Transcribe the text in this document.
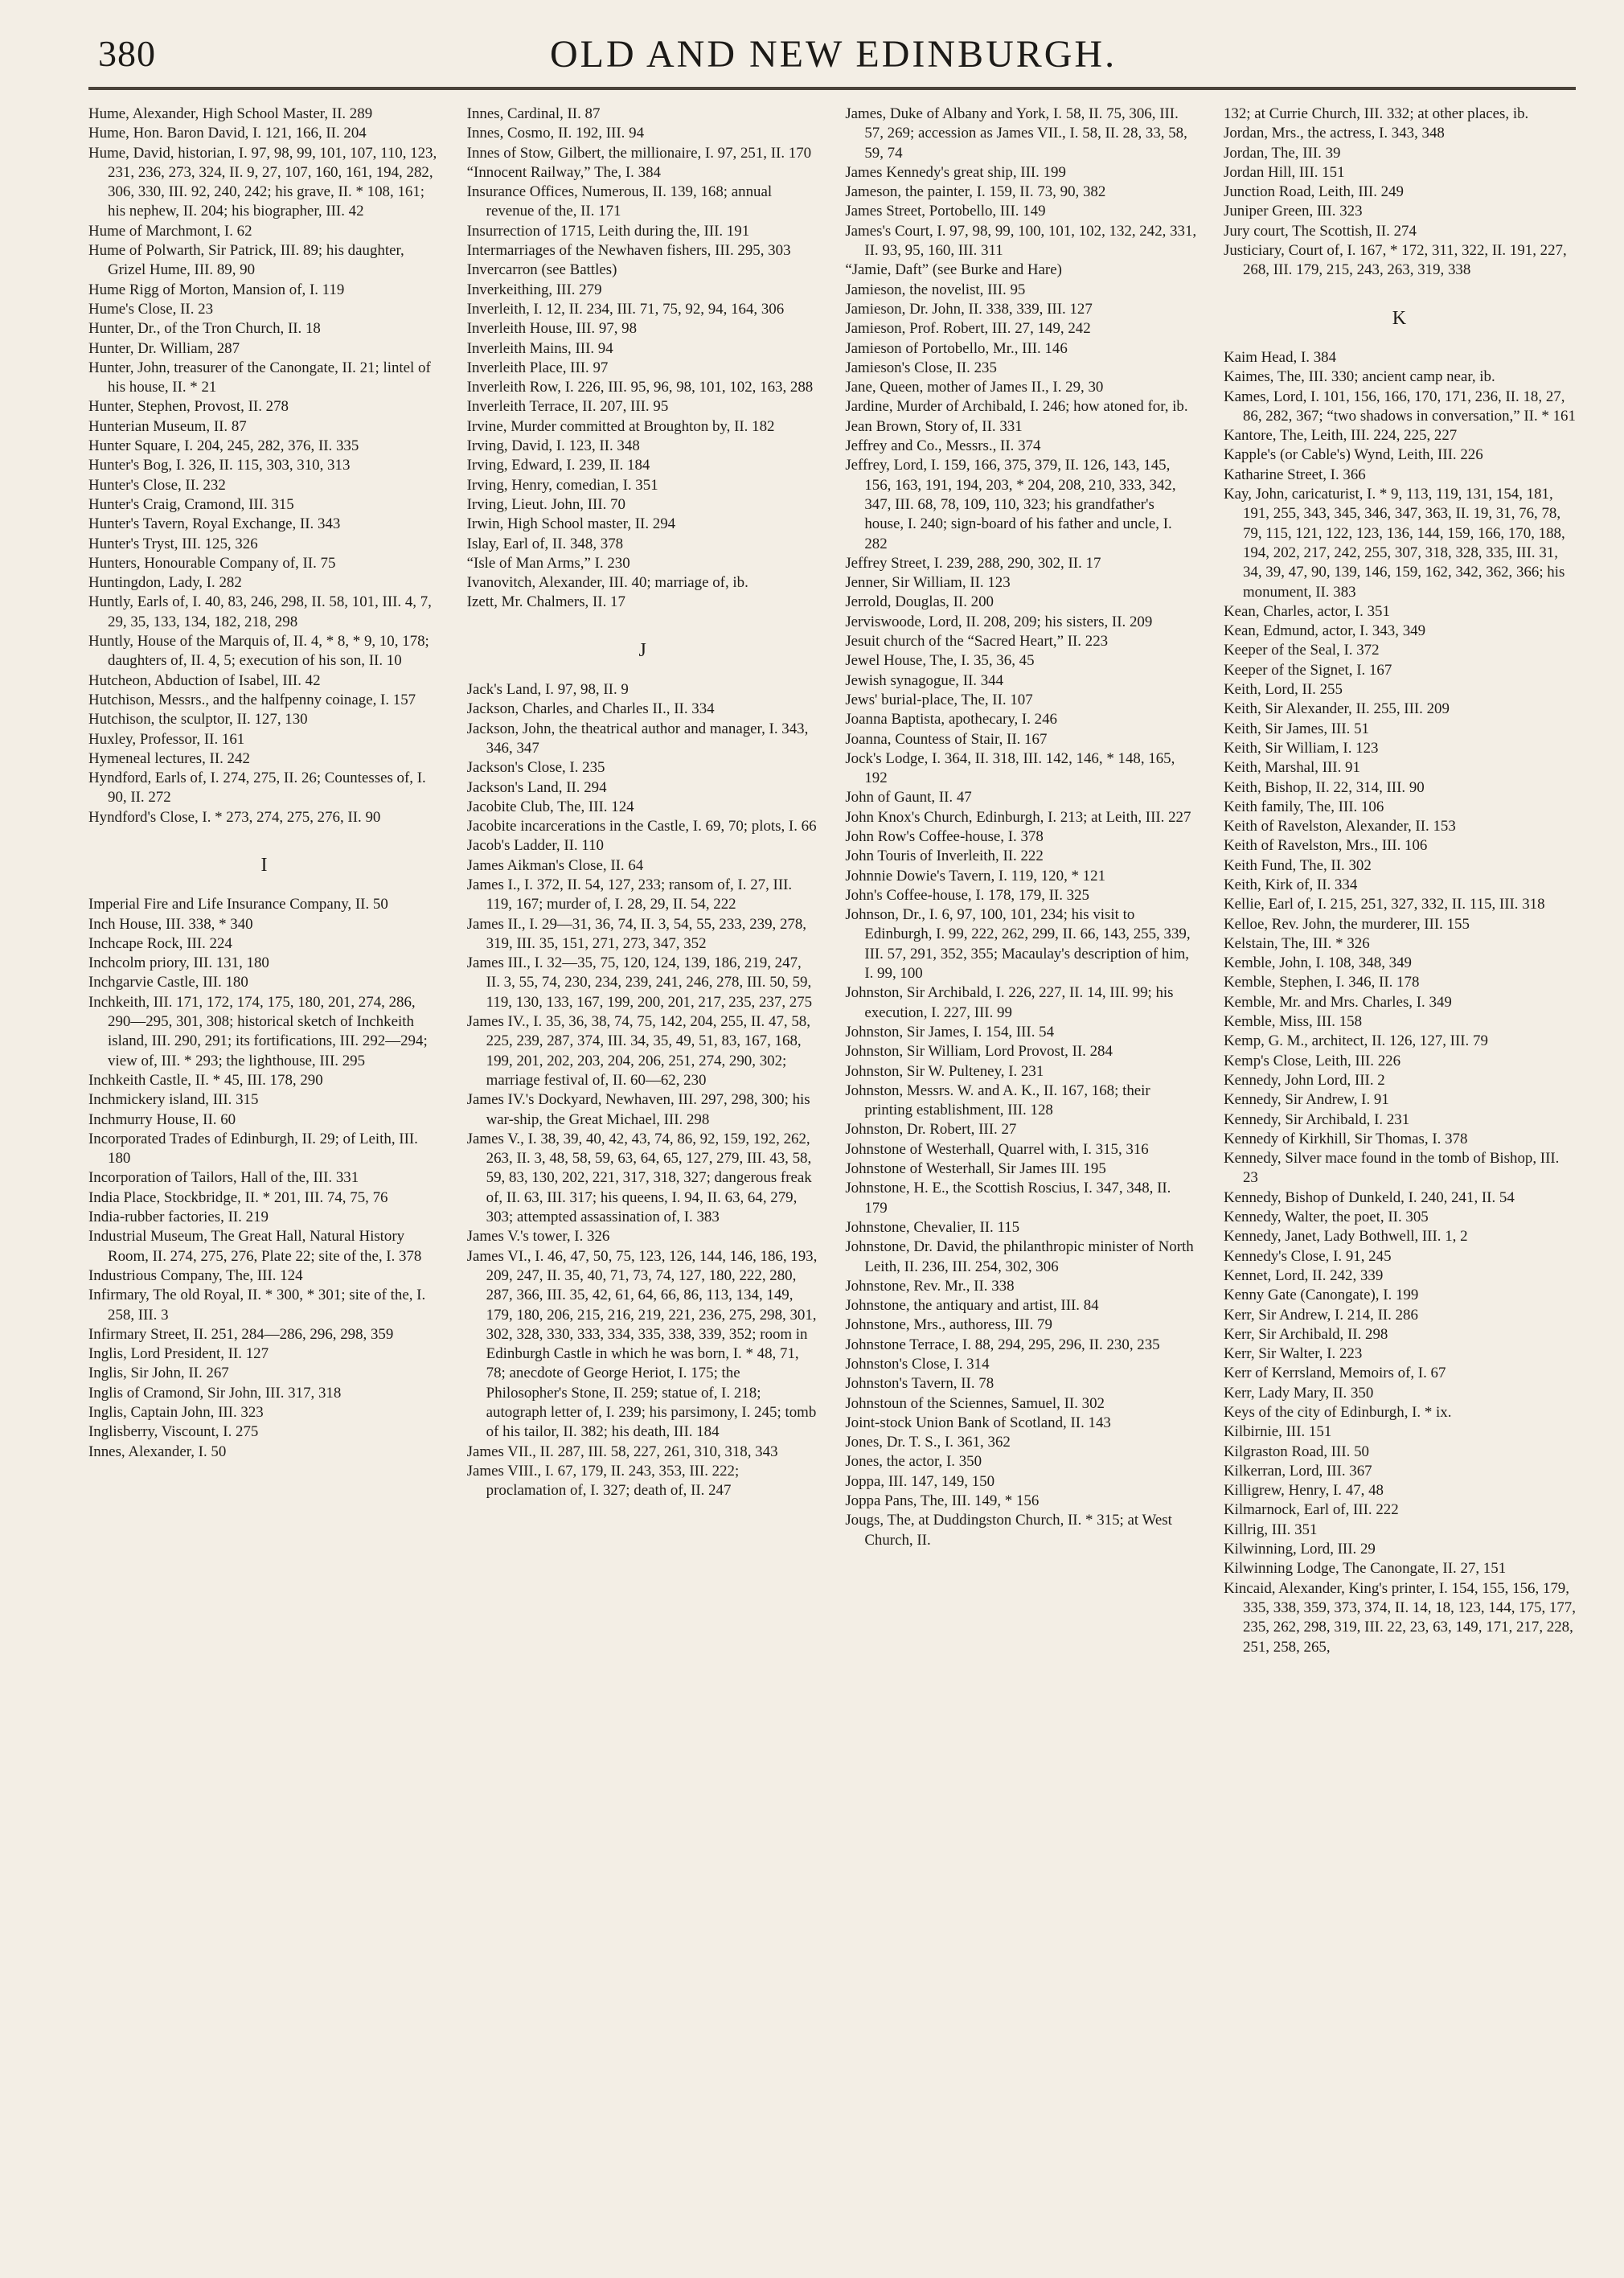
380	OLD AND NEW EDINBURGH.

Hume, Alexander, High School Master, II. 289

Hume, Hon. Baron David, I. 121, 166, II. 204

Hume, David, historian, I. 97, 98, 99, 101, 107, 110, 123, 231, 236, 273, 324, II. 9, 27, 107, 160, 161, 194, 282, 306, 330, III. 92, 240, 242; his grave, II. * 108, 161; his nephew, II. 204; his biographer, III. 42

Hume of Marchmont, I. 62

Hume of Polwarth, Sir Patrick, III. 89; his daughter, Grizel Hume, III. 89, 90

Hume Rigg of Morton, Mansion of, I. 119

Hume's Close, II. 23

Hunter, Dr., of the Tron Church, II. 18

Hunter, Dr. William, 287

Hunter, John, treasurer of the Canongate, II. 21; lintel of his house, II. * 21

Hunter, Stephen, Provost, II. 278

Hunterian Museum, II. 87

Hunter Square, I. 204, 245, 282, 376, II. 335

Hunter's Bog, I. 326, II. 115, 303, 310, 313

Hunter's Close, II. 232

Hunter's Craig, Cramond, III. 315

Hunter's Tavern, Royal Exchange, II. 343

Hunter's Tryst, III. 125, 326

Hunters, Honourable Company of, II. 75

Huntingdon, Lady, I. 282

Huntly, Earls of, I. 40, 83, 246, 298, II. 58, 101, III. 4, 7, 29, 35, 133, 134, 182, 218, 298

Huntly, House of the Marquis of, II. 4, * 8, * 9, 10, 178; daughters of, II. 4, 5; execution of his son, II. 10

Hutcheon, Abduction of Isabel, III. 42

Hutchison, Messrs., and the halfpenny coinage, I. 157

Hutchison, the sculptor, II. 127, 130

Huxley, Professor, II. 161

Hymeneal lectures, II. 242

Hyndford, Earls of, I. 274, 275, II. 26; Countesses of, I. 90, II. 272

Hyndford's Close, I. * 273, 274, 275, 276, II. 90

I

Imperial Fire and Life Insurance Company, II. 50

Inch House, III. 338, * 340

Inchcape Rock, III. 224

Inchcolm priory, III. 131, 180

Inchgarvie Castle, III. 180

Inchkeith, III. 171, 172, 174, 175, 180, 201, 274, 286, 290—295, 301, 308; historical sketch of Inchkeith island, III. 290, 291; its fortifications, III. 292—294; view of, III. * 293; the lighthouse, III. 295

Inchkeith Castle, II. * 45, III. 178, 290

Inchmickery island, III. 315

Inchmurry House, II. 60

Incorporated Trades of Edinburgh, II. 29; of Leith, III. 180

Incorporation of Tailors, Hall of the, III. 331

India Place, Stockbridge, II. * 201, III. 74, 75, 76

India-rubber factories, II. 219

Industrial Museum, The Great Hall, Natural History Room, II. 274, 275, 276, Plate 22; site of the, I. 378

Industrious Company, The, III. 124

Infirmary, The old Royal, II. * 300, * 301; site of the, I. 258, III. 3

Infirmary Street, II. 251, 284—286, 296, 298, 359

Inglis, Lord President, II. 127

Inglis, Sir John, II. 267

Inglis of Cramond, Sir John, III. 317, 318

Inglis, Captain John, III. 323

Inglisberry, Viscount, I. 275

Innes, Alexander, I. 50

Innes, Cardinal, II. 87

Innes, Cosmo, II. 192, III. 94

Innes of Stow, Gilbert, the millionaire, I. 97, 251, II. 170

“Innocent Railway,” The, I. 384

Insurance Offices, Numerous, II. 139, 168; annual revenue of the, II. 171

Insurrection of 1715, Leith during the, III. 191

Intermarriages of the Newhaven fishers, III. 295, 303

Invercarron (see Battles)

Inverkeithing, III. 279

Inverleith, I. 12, II. 234, III. 71, 75, 92, 94, 164, 306

Inverleith House, III. 97, 98

Inverleith Mains, III. 94

Inverleith Place, III. 97

Inverleith Row, I. 226, III. 95, 96, 98, 101, 102, 163, 288

Inverleith Terrace, II. 207, III. 95

Irvine, Murder committed at Broughton by, II. 182

Irving, David, I. 123, II. 348

Irving, Edward, I. 239, II. 184

Irving, Henry, comedian, I. 351

Irving, Lieut. John, III. 70

Irwin, High School master, II. 294

Islay, Earl of, II. 348, 378

“Isle of Man Arms,” I. 230

Ivanovitch, Alexander, III. 40; marriage of, ib.

Izett, Mr. Chalmers, II. 17

J

Jack's Land, I. 97, 98, II. 9

Jackson, Charles, and Charles II., II. 334

Jackson, John, the theatrical author and manager, I. 343, 346, 347

Jackson's Close, I. 235

Jackson's Land, II. 294

Jacobite Club, The, III. 124

Jacobite incarcerations in the Castle, I. 69, 70; plots, I. 66

Jacob's Ladder, II. 110

James Aikman's Close, II. 64

James I., I. 372, II. 54, 127, 233; ransom of, I. 27, III. 119, 167; murder of, I. 28, 29, II. 54, 222

James II., I. 29—31, 36, 74, II. 3, 54, 55, 233, 239, 278, 319, III. 35, 151, 271, 273, 347, 352

James III., I. 32—35, 75, 120, 124, 139, 186, 219, 247, II. 3, 55, 74, 230, 234, 239, 241, 246, 278, III. 50, 59, 119, 130, 133, 167, 199, 200, 201, 217, 235, 237, 275

James IV., I. 35, 36, 38, 74, 75, 142, 204, 255, II. 47, 58, 225, 239, 287, 374, III. 34, 35, 49, 51, 83, 167, 168, 199, 201, 202, 203, 204, 206, 251, 274, 290, 302; marriage festival of, II. 60—62, 230

James IV.'s Dockyard, Newhaven, III. 297, 298, 300; his war-ship, the Great Michael, III. 298

James V., I. 38, 39, 40, 42, 43, 74, 86, 92, 159, 192, 262, 263, II. 3, 48, 58, 59, 63, 64, 65, 127, 279, III. 43, 58, 59, 83, 130, 202, 221, 317, 318, 327; dangerous freak of, II. 63, III. 317; his queens, I. 94, II. 63, 64, 279, 303; attempted assassination of, I. 383

James V.'s tower, I. 326

James VI., I. 46, 47, 50, 75, 123, 126, 144, 146, 186, 193, 209, 247, II. 35, 40, 71, 73, 74, 127, 180, 222, 280, 287, 366, III. 35, 42, 61, 64, 66, 86, 113, 134, 149, 179, 180, 206, 215, 216, 219, 221, 236, 275, 298, 301, 302, 328, 330, 333, 334, 335, 338, 339, 352; room in Edinburgh Castle in which he was born, I. * 48, 71, 78; anecdote of George Heriot, I. 175; the Philosopher's Stone, II. 259; statue of, I. 218; autograph letter of, I. 239; his parsimony, I. 245; tomb of his tailor, II. 382; his death, III. 184

James VII., II. 287, III. 58, 227, 261, 310, 318, 343

James VIII., I. 67, 179, II. 243, 353, III. 222; proclamation of, I. 327; death of, II. 247

James, Duke of Albany and York, I. 58, II. 75, 306, III. 57, 269; accession as James VII., I. 58, II. 28, 33, 58, 59, 74

James Kennedy's great ship, III. 199

Jameson, the painter, I. 159, II. 73, 90, 382

James Street, Portobello, III. 149

James's Court, I. 97, 98, 99, 100, 101, 102, 132, 242, 331, II. 93, 95, 160, III. 311

“Jamie, Daft” (see Burke and Hare)

Jamieson, the novelist, III. 95

Jamieson, Dr. John, II. 338, 339, III. 127

Jamieson, Prof. Robert, III. 27, 149, 242

Jamieson of Portobello, Mr., III. 146

Jamieson's Close, II. 235

Jane, Queen, mother of James II., I. 29, 30

Jardine, Murder of Archibald, I. 246; how atoned for, ib.

Jean Brown, Story of, II. 331

Jeffrey and Co., Messrs., II. 374

Jeffrey, Lord, I. 159, 166, 375, 379, II. 126, 143, 145, 156, 163, 191, 194, 203, * 204, 208, 210, 333, 342, 347, III. 68, 78, 109, 110, 323; his grandfather's house, I. 240; sign-board of his father and uncle, I. 282

Jeffrey Street, I. 239, 288, 290, 302, II. 17

Jenner, Sir William, II. 123

Jerrold, Douglas, II. 200

Jerviswoode, Lord, II. 208, 209; his sisters, II. 209

Jesuit church of the “Sacred Heart,” II. 223

Jewel House, The, I. 35, 36, 45

Jewish synagogue, II. 344

Jews' burial-place, The, II. 107

Joanna Baptista, apothecary, I. 246

Joanna, Countess of Stair, II. 167

Jock's Lodge, I. 364, II. 318, III. 142, 146, * 148, 165, 192

John of Gaunt, II. 47

John Knox's Church, Edinburgh, I. 213; at Leith, III. 227

John Row's Coffee-house, I. 378

John Touris of Inverleith, II. 222

Johnnie Dowie's Tavern, I. 119, 120, * 121

John's Coffee-house, I. 178, 179, II. 325

Johnson, Dr., I. 6, 97, 100, 101, 234; his visit to Edinburgh, I. 99, 222, 262, 299, II. 66, 143, 255, 339, III. 57, 291, 352, 355; Macaulay's description of him, I. 99, 100

Johnston, Sir Archibald, I. 226, 227, II. 14, III. 99; his execution, I. 227, III. 99

Johnston, Sir James, I. 154, III. 54

Johnston, Sir William, Lord Provost, II. 284

Johnston, Sir W. Pulteney, I. 231

Johnston, Messrs. W. and A. K., II. 167, 168; their printing establishment, III. 128

Johnston, Dr. Robert, III. 27

Johnstone of Westerhall, Quarrel with, I. 315, 316

Johnstone of Westerhall, Sir James III. 195

Johnstone, H. E., the Scottish Roscius, I. 347, 348, II. 179

Johnstone, Chevalier, II. 115

Johnstone, Dr. David, the philanthropic minister of North Leith, II. 236, III. 254, 302, 306

Johnstone, Rev. Mr., II. 338

Johnstone, the antiquary and artist, III. 84

Johnstone, Mrs., authoress, III. 79

Johnstone Terrace, I. 88, 294, 295, 296, II. 230, 235

Johnston's Close, I. 314

Johnston's Tavern, II. 78

Johnstoun of the Sciennes, Samuel, II. 302

Joint-stock Union Bank of Scotland, II. 143

Jones, Dr. T. S., I. 361, 362

Jones, the actor, I. 350

Joppa, III. 147, 149, 150

Joppa Pans, The, III. 149, * 156

Jougs, The, at Duddingston Church, II. * 315; at West Church, II.

132; at Currie Church, III. 332; at other places, ib.

Jordan, Mrs., the actress, I. 343, 348

Jordan, The, III. 39

Jordan Hill, III. 151

Junction Road, Leith, III. 249

Juniper Green, III. 323

Jury court, The Scottish, II. 274

Justiciary, Court of, I. 167, * 172, 311, 322, II. 191, 227, 268, III. 179, 215, 243, 263, 319, 338

K

Kaim Head, I. 384

Kaimes, The, III. 330; ancient camp near, ib.

Kames, Lord, I. 101, 156, 166, 170, 171, 236, II. 18, 27, 86, 282, 367; “two shadows in conversation,” II. * 161

Kantore, The, Leith, III. 224, 225, 227

Kapple's (or Cable's) Wynd, Leith, III. 226

Katharine Street, I. 366

Kay, John, caricaturist, I. * 9, 113, 119, 131, 154, 181, 191, 255, 343, 345, 346, 347, 363, II. 19, 31, 76, 78, 79, 115, 121, 122, 123, 136, 144, 159, 166, 170, 188, 194, 202, 217, 242, 255, 307, 318, 328, 335, III. 31, 34, 39, 47, 90, 139, 146, 159, 162, 342, 362, 366; his monument, II. 383

Kean, Charles, actor, I. 351

Kean, Edmund, actor, I. 343, 349

Keeper of the Seal, I. 372

Keeper of the Signet, I. 167

Keith, Lord, II. 255

Keith, Sir Alexander, II. 255, III. 209

Keith, Sir James, III. 51

Keith, Sir William, I. 123

Keith, Marshal, III. 91

Keith, Bishop, II. 22, 314, III. 90

Keith family, The, III. 106

Keith of Ravelston, Alexander, II. 153

Keith of Ravelston, Mrs., III. 106

Keith Fund, The, II. 302

Keith, Kirk of, II. 334

Kellie, Earl of, I. 215, 251, 327, 332, II. 115, III. 318

Kelloe, Rev. John, the murderer, III. 155

Kelstain, The, III. * 326

Kemble, John, I. 108, 348, 349

Kemble, Stephen, I. 346, II. 178

Kemble, Mr. and Mrs. Charles, I. 349

Kemble, Miss, III. 158

Kemp, G. M., architect, II. 126, 127, III. 79

Kemp's Close, Leith, III. 226

Kennedy, John Lord, III. 2

Kennedy, Sir Andrew, I. 91

Kennedy, Sir Archibald, I. 231

Kennedy of Kirkhill, Sir Thomas, I. 378

Kennedy, Silver mace found in the tomb of Bishop, III. 23

Kennedy, Bishop of Dunkeld, I. 240, 241, II. 54

Kennedy, Walter, the poet, II. 305

Kennedy, Janet, Lady Bothwell, III. 1, 2

Kennedy's Close, I. 91, 245

Kennet, Lord, II. 242, 339

Kenny Gate (Canongate), I. 199

Kerr, Sir Andrew, I. 214, II. 286

Kerr, Sir Archibald, II. 298

Kerr, Sir Walter, I. 223

Kerr of Kerrsland, Memoirs of, I. 67

Kerr, Lady Mary, II. 350

Keys of the city of Edinburgh, I. * ix.

Kilbirnie, III. 151

Kilgraston Road, III. 50

Kilkerran, Lord, III. 367

Killigrew, Henry, I. 47, 48

Kilmarnock, Earl of, III. 222

Killrig, III. 351

Kilwinning, Lord, III. 29

Kilwinning Lodge, The Canongate, II. 27, 151

Kincaid, Alexander, King's printer, I. 154, 155, 156, 179, 335, 338, 359, 373, 374, II. 14, 18, 123, 144, 175, 177, 235, 262, 298, 319, III. 22, 23, 63, 149, 171, 217, 228, 251, 258, 265,
